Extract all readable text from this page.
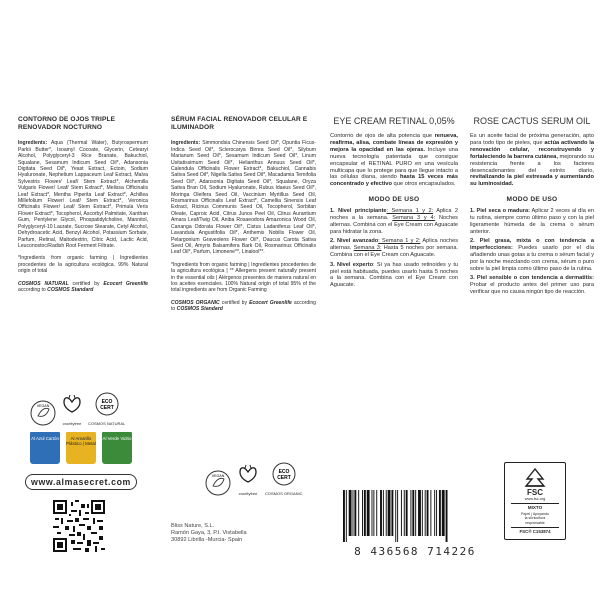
CONTORNO DE OJOS TRIPLE RENOVADOR NOCTURNO
Ingredients: Aqua (Thermal Water), Butyrospermum Parkii Butter*, Isoamyl Cocoate, Glycerin, Cetearyl Alcohol, Polyglyceryl-3 Rice Branate, Bakuchiol, Squalane, Sesamum Indicum Seed Oil*, Adansonia Digitata Seed Oil*, Yeast Extract, Ectoin, Sodium Hyaluronate, Nephelium Lappaceum Leaf Extract, Malva Sylvestris Flower/ Leaf/ Stem Extract*, Alchemilla Vulgaris Flower/ Leaf/ Stem Extract*, Melissa Officinalis Leaf Extract*, Mentha Piperita Leaf Extract*, Achillea Millefolium Flower/ Leaf/ Stem Extract*, Veronica Officinalis Flower/ Leaf/ Stem Extract*, Primula Veris Flower Extract*, Tocopherol, Ascorbyl Palmitate, Xanthan Gum, Pentylene Glycol, Phospatidylcholine, Mannitol, Polyglyceryl-10 Laurate, Sucrose Stearate, Cetyl Alcohol, Dehydroacetic Acid, Benzyl Alcohol, Potassium Sorbate, Parfum, Retinal, Maltodextrin, Citric Acid, Lactic Acid, Leuconostoc/Radish Root Ferment Filtrate.
*Ingredients from organic farming | Ingredientes procedentes de la agricultura ecológica. 99% Natural origin of total
COSMOS NATURAL certified by Ecocert Greenlife according to COSMOS Standard
VEGAN
crueltyfree
ECO
CERT
COSMOS NATURAL
Al Azul Cartón	Al Amarillo Plástico | Metal
Al Verde Vidrio
www.almasecret.com
SÉRUM FACIAL RENOVADOR CELULAR E ILUMINADOR
Ingredients: Simmondsia Chinensis Seed Oil*, Opuntia Ficus-Indica Seed Oil*, Sclerocarya Birrea Seed Oil*, Silybum Marianum Seed Oil*, Sesamum Indicum Seed Oil*, Linum Usitatissimum Seed Oil*, Helianthus Annuus Seed Oil*, Calendula Officinalis Flower Extract*, Bakuchiol, Cannabis Sativa Seed Oil*, Nigella Sativa Seed Oil*, Macadamia Ternifolia Seed Oil*, Adansonia Digitata Seed Oil*, Squalane, Oryza Sativa Bran Oil, Sodium Hyaluronate, Rubus Idaeus Seed Oil*, Moringa Oleifera Seed Oil, Vaccinium Myrtillus Seed Oil, Rosmarinus Officinalis Leaf Extract*, Camellia Sinensis Leaf Extract, Ricinus Communis Seed Oil, Tocopherol, Sorbitan Oleate, Caproic Acid, Citrus Junos Peel Oil, Citrus Aurantium Amara Leaf/Twig Oil, Aniba Rosaeodora Amazonica Wood Oil, Cananga Odorata Flower Oil*, Cistus Ladaniferus Leaf Oil*, Lavandula Angustifolia Oil*, Anthemis Nobilis Flower Oil, Pelargonium Graveolens Flower Oil*, Daucus Carota Sativa Seed Oil, Amyris Balsamifera Bark Oil, Rosmarinus Officinalis Leaf Oil*, Parfum, Limonene**, Linalool**.
*Ingredients from organic farming | Ingredientes procedentes de la agricultura ecológica | ** Allergens present naturally present in the essential oils | Alérgenos presentes de manera natural en los aceites esenciales. 100% Natural origin of total 95% of the total ingredients are from Organic Farming
COSMOS ORGANIC certified by Ecocert Greenlife according to COSMOS Standard
VEGAN
crueltyfree
ECO
CERT
COSMOS ORGANIC
Bliss Nature, S.L.
Ramón Gaya, 3, P.I. Vistabella
30892 Librilla -Murcia- Spain
EYE CREAM RETINAL 0,05%
Contorno de ojos de alta potencia que renueva, reafirma, alisa, combate líneas de expresión y mejora la opacidad en las ojeras. Incluye una nueva tecnología patentada que consigue encapsular el RETINAL PURO en una vesícula multicapa que lo protege para que llegue intacto a las células diana, siendo hasta 15 veces más concentrado y efectivo que otros encapsulados.
MODO DE USO
1. Nivel principiante: Semana 1 y 2: Aplica 2 noches a la semana. Semana 3 y 4: Noches alternas. Combina con el Eye Cream con Aguacate para hidratar la zona.
2. Nivel avanzado: Semana 1 y 2: Aplica noches alternas. Semana 3: Hasta 5 noches por semana. Combina con el Eye Cream con Aguacate.
3. Nivel experto: Si ya has usado retinoides y tu piel está habituada, puedes usarlo hasta 5 noches a la semana. Combina con el Eye Cream con Aguacate.
8 436568 714226
ROSE CACTUS SERUM OIL
Es un aceite facial de próxima generación, apto para todo tipo de pieles, que actúa activando la renovación celular, reconstruyendo y fortaleciendo la barrera cutánea, mejorando su resistencia frente a los factores desencadenantes del estrés diario, revitalizando la piel estresada y aumentando su luminosidad.
MODO DE USO
1. Piel seca o madura: Aplicar 2 veces al día en tu rutina, siempre como último paso y con la piel ligeramente húmeda de la crema o sérum anterior.
2. Piel grasa, mixta o con tendencia a imperfecciones: Puedes usarlo por el día añadiendo unas gotas a tu crema o sérum facial y por la noche mezclando con crema, sérum o puro sobre la piel limpia como último paso de la rutina.
3. Piel sensible o con tendencia a dermatitis: Probar el producto antes del primer uso para verificar que no causa ningún tipo de reacción.
FSC
www.fsc.org
MIXTO
Papel | Apoyando
la silvicultura
responsable
FSC® C153874
